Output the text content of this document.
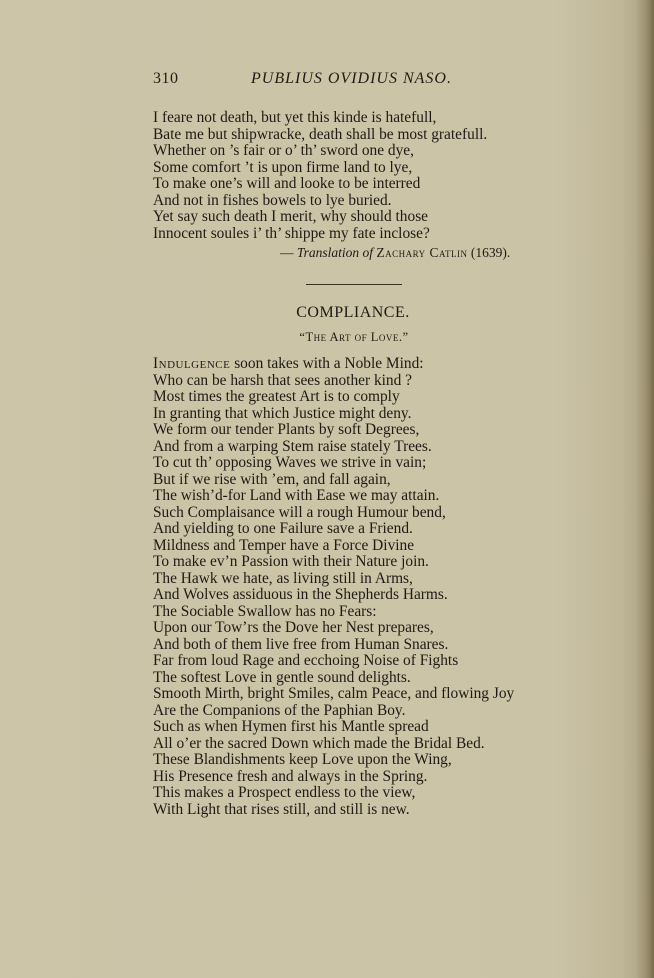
310	PUBLIUS OVIDIUS NASO.
I feare not death, but yet this kinde is hatefull,
Bate me but shipwracke, death shall be most gratefull.
Whether on ’s fair or o’ th’ sword one dye,
Some comfort ’t is upon firme land to lye,
To make one’s will and looke to be interred
And not in fishes bowels to lye buried.
Yet say such death I merit, why should those
Innocent soules i’ th’ shippe my fate inclose?
— Translation of Zachary Catlin (1639).
COMPLIANCE.
“The Art of Love.”
Indulgence soon takes with a Noble Mind:
Who can be harsh that sees another kind ?
Most times the greatest Art is to comply
In granting that which Justice might deny.
We form our tender Plants by soft Degrees,
And from a warping Stem raise stately Trees.
To cut th’ opposing Waves we strive in vain;
But if we rise with ’em, and fall again,
The wish’d-for Land with Ease we may attain.
Such Complaisance will a rough Humour bend,
And yielding to one Failure save a Friend.
Mildness and Temper have a Force Divine
To make ev’n Passion with their Nature join.
The Hawk we hate, as living still in Arms,
And Wolves assiduous in the Shepherds Harms.
The Sociable Swallow has no Fears:
Upon our Tow’rs the Dove her Nest prepares,
And both of them live free from Human Snares.
Far from loud Rage and ecchoing Noise of Fights
The softest Love in gentle sound delights.
Smooth Mirth, bright Smiles, calm Peace, and flowing Joy
Are the Companions of the Paphian Boy.
Such as when Hymen first his Mantle spread
All o’er the sacred Down which made the Bridal Bed.
These Blandishments keep Love upon the Wing,
His Presence fresh and always in the Spring.
This makes a Prospect endless to the view,
With Light that rises still, and still is new.
